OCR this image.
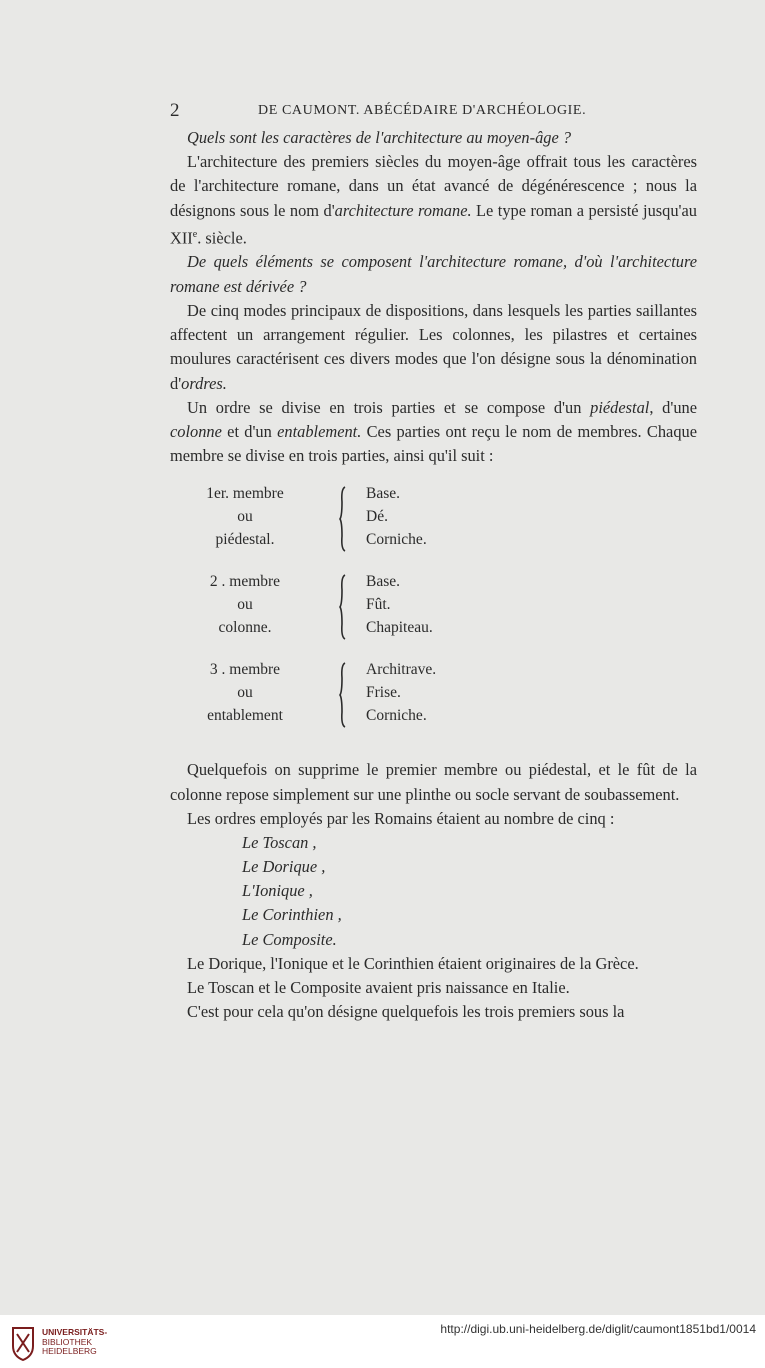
2	DE CAUMONT. ABÉCÉDAIRE D'ARCHÉOLOGIE.

Quels sont les caractères de l'architecture au moyen-âge ?

L'architecture des premiers siècles du moyen-âge offrait tous les caractères de l'architecture romane, dans un état avancé de dégénérescence ; nous la désignons sous le nom d'architecture romane. Le type roman a persisté jusqu'au XIIe. siècle.

De quels éléments se composent l'architecture romane, d'où l'architecture romane est dérivée ?

De cinq modes principaux de dispositions, dans lesquels les parties saillantes affectent un arrangement régulier. Les colonnes, les pilastres et certaines moulures caractérisent ces divers modes que l'on désigne sous la dénomination d'ordres.

Un ordre se divise en trois parties et se compose d'un piédestal, d'une colonne et d'un entablement. Ces parties ont reçu le nom de membres. Chaque membre se divise en trois parties, ainsi qu'il suit :

1er. membre
ou
piédestal.
Base.
Dé.
Corniche.
2 . membre
ou
colonne.
Base.
Fût.
Chapiteau.
3 . membre
ou
entablement
Architrave.
Frise.
Corniche.

Quelquefois on supprime le premier membre ou piédestal, et le fût de la colonne repose simplement sur une plinthe ou socle servant de soubassement.

Les ordres employés par les Romains étaient au nombre de cinq :

Le Toscan ,
Le Dorique ,
L'Ionique ,
Le Corinthien ,
Le Composite.

Le Dorique, l'Ionique et le Corinthien étaient originaires de la Grèce.

Le Toscan et le Composite avaient pris naissance en Italie.

C'est pour cela qu'on désigne quelquefois les trois premiers sous la

UNIVERSITÄTS-
BIBLIOTHEK
HEIDELBERG
http://digi.ub.uni-heidelberg.de/diglit/caumont1851bd1/0014
